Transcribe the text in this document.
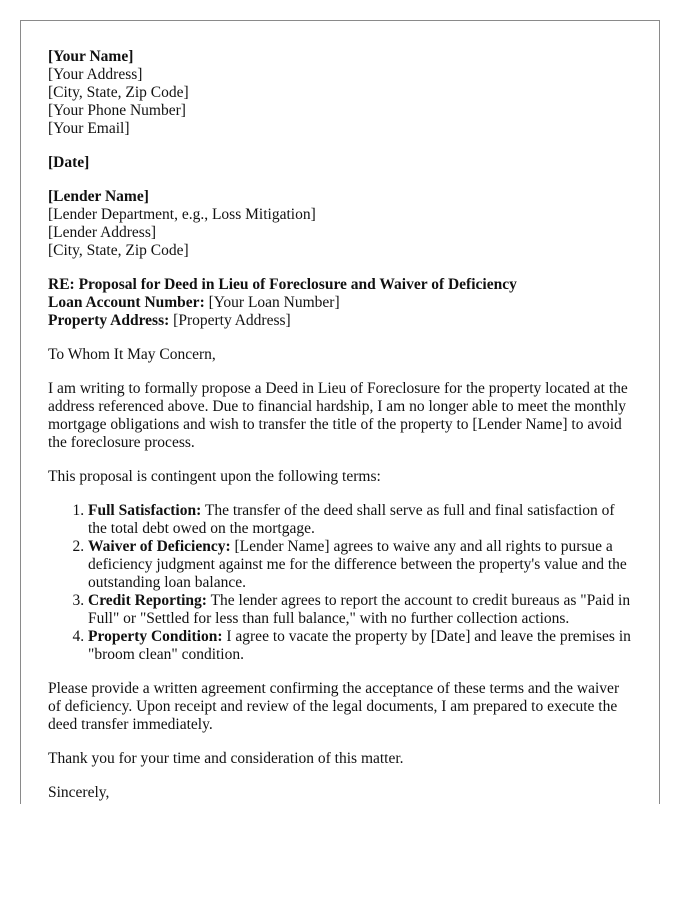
[Your Name]
[Your Address]
[City, State, Zip Code]
[Your Phone Number]
[Your Email]
[Date]
[Lender Name]
[Lender Department, e.g., Loss Mitigation]
[Lender Address]
[City, State, Zip Code]
RE: Proposal for Deed in Lieu of Foreclosure and Waiver of Deficiency
Loan Account Number: [Your Loan Number]
Property Address: [Property Address]

To Whom It May Concern,

I am writing to formally propose a Deed in Lieu of Foreclosure for the property located at the address referenced above. Due to financial hardship, I am no longer able to meet the monthly mortgage obligations and wish to transfer the title of the property to [Lender Name] to avoid the foreclosure process.

This proposal is contingent upon the following terms:

1. Full Satisfaction: The transfer of the deed shall serve as full and final satisfaction of the total debt owed on the mortgage.
2. Waiver of Deficiency: [Lender Name] agrees to waive any and all rights to pursue a deficiency judgment against me for the difference between the property's value and the outstanding loan balance.
3. Credit Reporting: The lender agrees to report the account to credit bureaus as "Paid in Full" or "Settled for less than full balance," with no further collection actions.
4. Property Condition: I agree to vacate the property by [Date] and leave the premises in "broom clean" condition.

Please provide a written agreement confirming the acceptance of these terms and the waiver of deficiency. Upon receipt and review of the legal documents, I am prepared to execute the deed transfer immediately.

Thank you for your time and consideration of this matter.

Sincerely,
